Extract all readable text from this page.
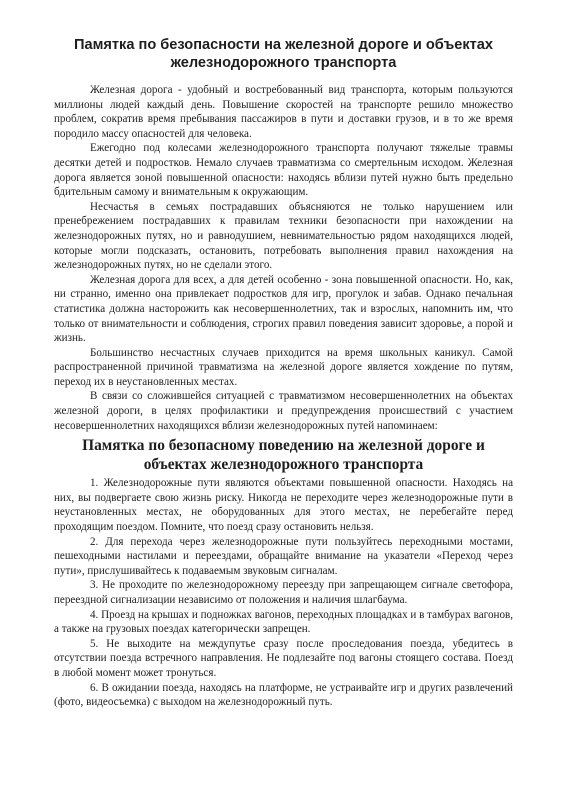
Памятка по безопасности на железной дороге и объектах железнодорожного транспорта

Железная дорога - удобный и востребованный вид транспорта, которым пользуются миллионы людей каждый день. Повышение скоростей на транспорте решило множество проблем, сократив время пребывания пассажиров в пути и доставки грузов, и в то же время породило массу опасностей для человека.

Ежегодно под колесами железнодорожного транспорта получают тяжелые травмы десятки детей и подростков. Немало случаев травматизма со смертельным исходом. Железная дорога является зоной повышенной опасности: находясь вблизи путей нужно быть предельно бдительным самому и внимательным к окружающим.

Несчастья в семьях пострадавших объясняются не только нарушением или пренебрежением пострадавших к правилам техники безопасности при нахождении на железнодорожных путях, но и равнодушием, невнимательностью рядом находящихся людей, которые могли подсказать, остановить, потребовать выполнения правил нахождения на железнодорожных путях, но не сделали этого.

Железная дорога для всех, а для детей особенно - зона повышенной опасности. Но, как, ни странно, именно она привлекает подростков для игр, прогулок и забав. Однако печальная статистика должна насторожить как несовершеннолетних, так и взрослых, напомнить им, что только от внимательности и соблюдения, строгих правил поведения зависит здоровье, а порой и жизнь.

Большинство несчастных случаев приходится на время школьных каникул. Самой распространенной причиной травматизма на железной дороге является хождение по путям, переход их в неустановленных местах.

В связи со сложившейся ситуацией с травматизмом несовершеннолетних на объектах железной дороги, в целях профилактики и предупреждения происшествий с участием несовершеннолетних находящихся вблизи железнодорожных путей напоминаем:

Памятка по безопасному поведению на железной дороге и объектах железнодорожного транспорта

1. Железнодорожные пути являются объектами повышенной опасности. Находясь на них, вы подвергаете свою жизнь риску. Никогда не переходите через железнодорожные пути в неустановленных местах, не оборудованных для этого местах, не перебегайте перед проходящим поездом. Помните, что поезд сразу остановить нельзя.

2. Для перехода через железнодорожные пути пользуйтесь переходными мостами, пешеходными настилами и переездами, обращайте внимание на указатели «Переход через пути», прислушивайтесь к подаваемым звуковым сигналам.

3. Не проходите по железнодорожному переезду при запрещающем сигнале светофора, переездной сигнализации независимо от положения и наличия шлагбаума.

4. Проезд на крышах и подножках вагонов, переходных площадках и в тамбурах вагонов, а также на грузовых поездах категорически запрещен.

5. Не выходите на междупутье сразу после проследования поезда, убедитесь в отсутствии поезда встречного направления. Не подлезайте под вагоны стоящего состава. Поезд в любой момент может тронуться.

6. В ожидании поезда, находясь на платформе, не устраивайте игр и других развлечений (фото, видеосъемка) с выходом на железнодорожный путь.
